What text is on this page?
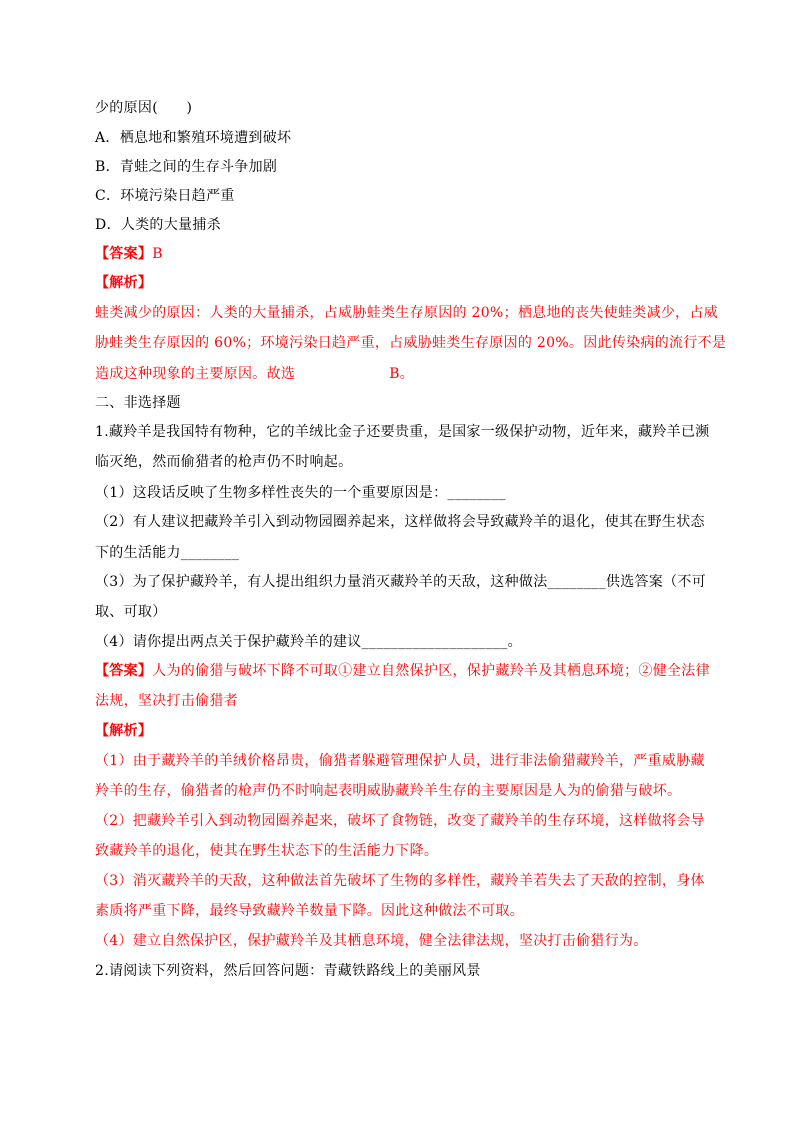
少的原因(　　)
A．栖息地和繁殖环境遭到破坏
B．青蛙之间的生存斗争加剧
C．环境污染日趋严重
D．人类的大量捕杀
【答案】B
【解析】
蛙类减少的原因：人类的大量捕杀，占威胁蛙类生存原因的 20%；栖息地的丧失使蛙类减少，占威
胁蛙类生存原因的 60%；环境污染日趋严重，占威胁蛙类生存原因的 20%。因此传染病的流行不是
造成这种现象的主要原因。故选	B。
二、非选择题
1.藏羚羊是我国特有物种，它的羊绒比金子还要贵重，是国家一级保护动物，近年来，藏羚羊已濒
临灭绝，然而偷猎者的枪声仍不时响起。
（1）这段话反映了生物多样性丧失的一个重要原因是：________
（2）有人建议把藏羚羊引入到动物园圈养起来，这样做将会导致藏羚羊的退化，使其在野生状态
下的生活能力________
（3）为了保护藏羚羊，有人提出组织力量消灭藏羚羊的天敌，这种做法________供选答案（不可
取、可取）
（4）请你提出两点关于保护藏羚羊的建议____________________。
【答案】人为的偷猎与破坏下降不可取①建立自然保护区，保护藏羚羊及其栖息环境；②健全法律
法规，坚决打击偷猎者
【解析】
（1）由于藏羚羊的羊绒价格昂贵，偷猎者躲避管理保护人员，进行非法偷猎藏羚羊，严重威胁藏
羚羊的生存，偷猎者的枪声仍不时响起表明威胁藏羚羊生存的主要原因是人为的偷猎与破坏。
（2）把藏羚羊引入到动物园圈养起来，破坏了食物链，改变了藏羚羊的生存环境，这样做将会导
致藏羚羊的退化，使其在野生状态下的生活能力下降。
（3）消灭藏羚羊的天敌，这种做法首先破坏了生物的多样性，藏羚羊若失去了天敌的控制，身体
素质将严重下降，最终导致藏羚羊数量下降。因此这种做法不可取。
（4）建立自然保护区，保护藏羚羊及其栖息环境，健全法律法规，坚决打击偷猎行为。
2.请阅读下列资料，然后回答问题：青藏铁路线上的美丽风景
